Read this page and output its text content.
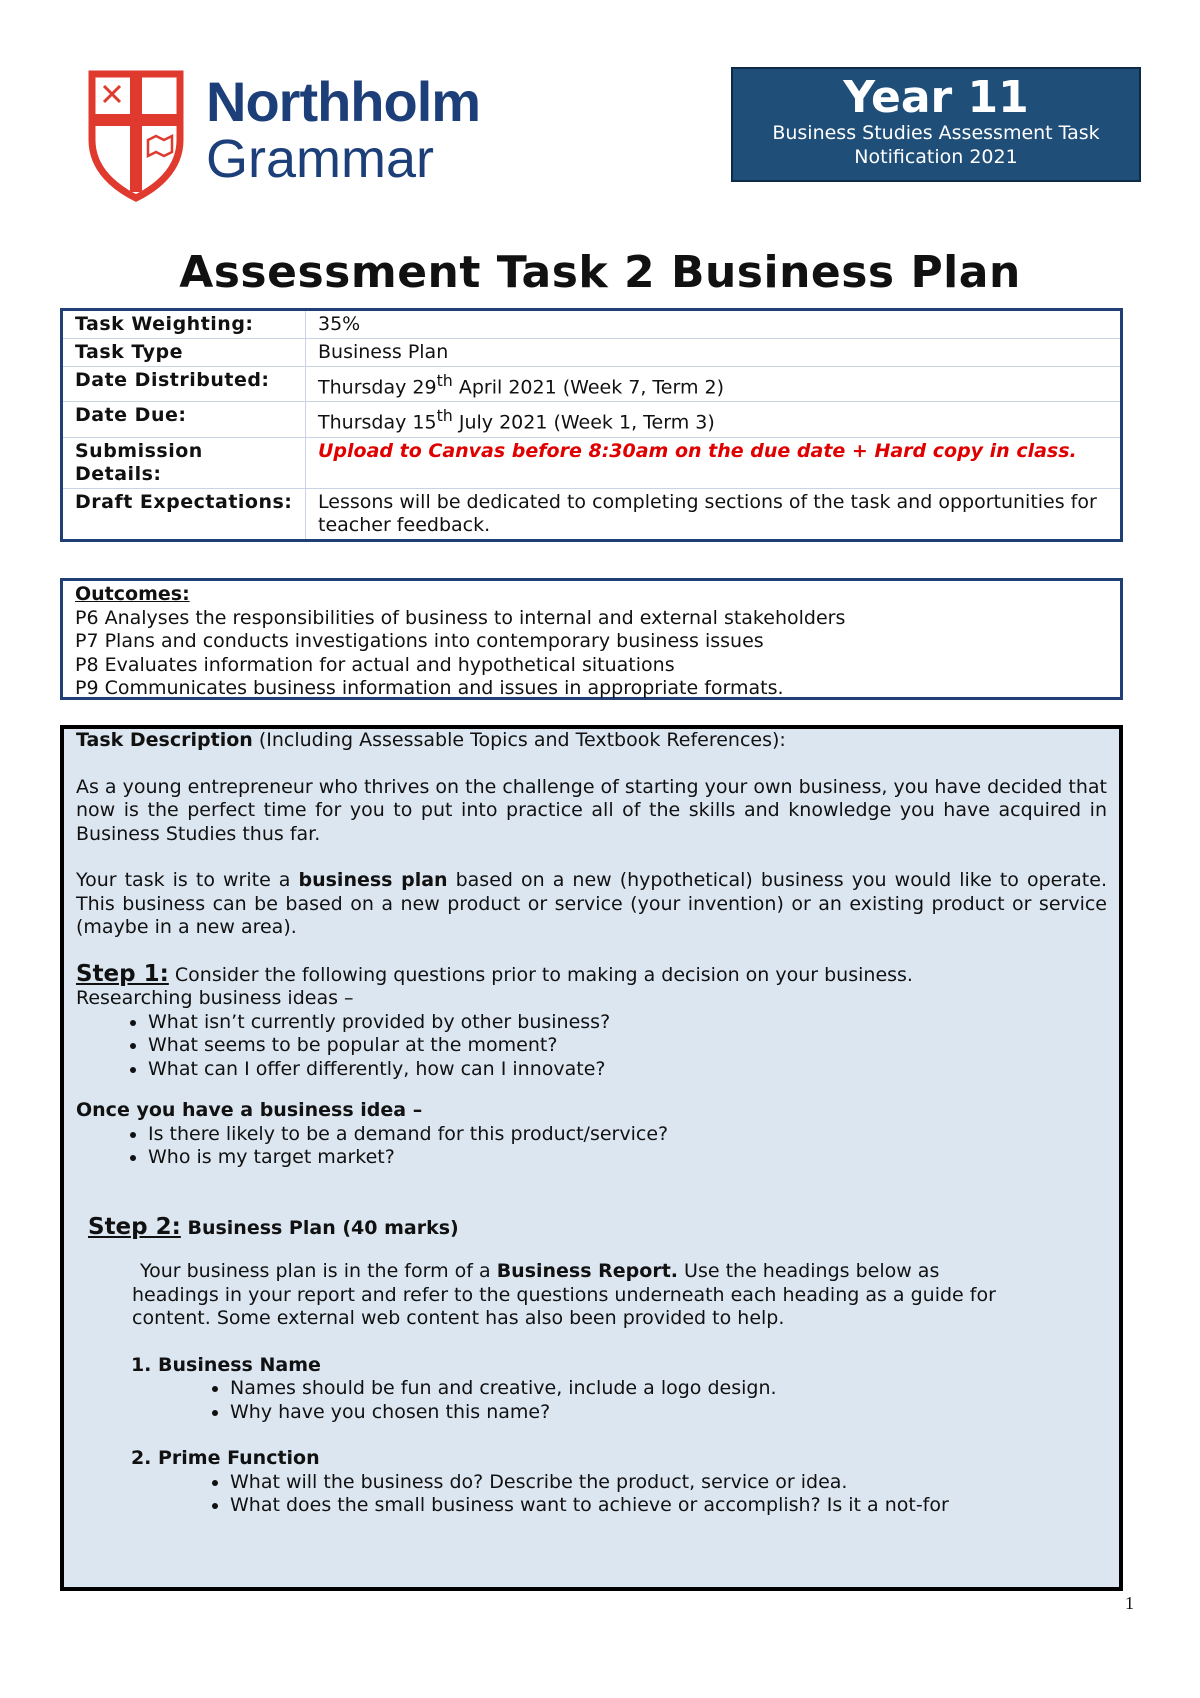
Northholm
Grammar
Year 11
Business Studies Assessment Task
Notification 2021
Assessment Task 2 Business Plan
Task Weighting:	35%
Task Type	Business Plan
Date Distributed:	Thursday 29th April 2021 (Week 7, Term 2)
Date Due:	Thursday 15th July 2021 (Week 1, Term 3)
Submission Details:	Upload to Canvas before 8:30am on the due date + Hard copy in class.
Draft Expectations:	Lessons will be dedicated to completing sections of the task and opportunities for teacher feedback.
Outcomes:
P6 Analyses the responsibilities of business to internal and external stakeholders
P7 Plans and conducts investigations into contemporary business issues
P8 Evaluates information for actual and hypothetical situations
P9 Communicates business information and issues in appropriate formats.

Task Description (Including Assessable Topics and Textbook References):

As a young entrepreneur who thrives on the challenge of starting your own business, you have decided that now is the perfect time for you to put into practice all of the skills and knowledge you have acquired in Business Studies thus far.

Your task is to write a business plan based on a new (hypothetical) business you would like to operate. This business can be based on a new product or service (your invention) or an existing product or service (maybe in a new area).

Step 1: Consider the following questions prior to making a decision on your business.

Researching business ideas –

• What isn’t currently provided by other business?
• What seems to be popular at the moment?
• What can I offer differently, how can I innovate?

Once you have a business idea –

• Is there likely to be a demand for this product/service?
• Who is my target market?

Step 2: Business Plan (40 marks)

Your business plan is in the form of a Business Report. Use the headings below as headings in your report and refer to the questions underneath each heading as a guide for content. Some external web content has also been provided to help.

1. Business Name
• Names should be fun and creative, include a logo design.
• Why have you chosen this name?
2. Prime Function
• What will the business do? Describe the product, service or idea.
• What does the small business want to achieve or accomplish? Is it a not-for
1
